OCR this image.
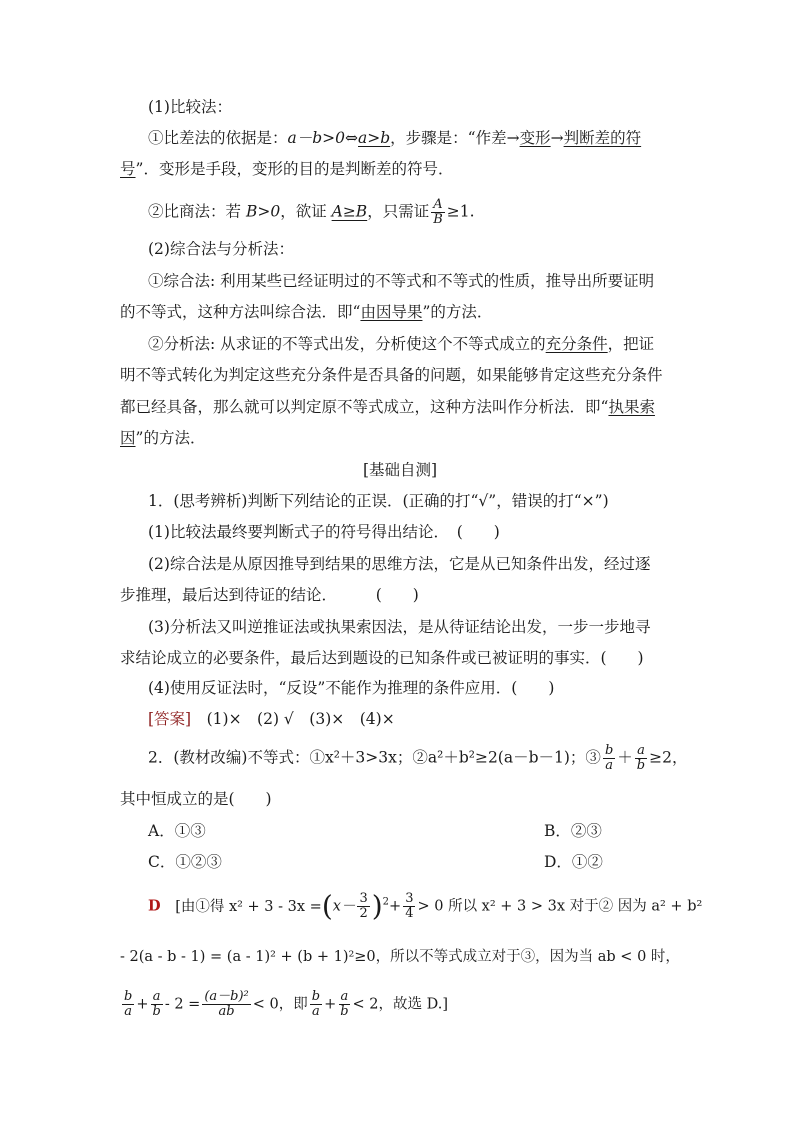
(1)比较法：
①比差法的依据是：a－b>0⇔a>b，步骤是：“作差→变形→判断差的符
号”．变形是手段，变形的目的是判断差的符号．
②比商法：若 B>0，欲证 A≥B，只需证 $\frac{A}{B} \ge 1$.
(2)综合法与分析法：
①综合法: 利用某些已经证明过的不等式和不等式的性质，推导出所要证明
的不等式，这种方法叫综合法．即“由因导果”的方法．
②分析法: 从求证的不等式出发，分析使这个不等式成立的充分条件，把证
明不等式转化为判定这些充分条件是否具备的问题，如果能够肯定这些充分条件
都已经具备，那么就可以判定原不等式成立，这种方法叫作分析法．即“执果索
因”的方法．
[基础自测]
1．(思考辨析)判断下列结论的正误．(正确的打“√”，错误的打“×”)
(1)比较法最终要判断式子的符号得出结论．　(　　)
(2)综合法是从原因推导到结果的思维方法，它是从已知条件出发，经过逐
步推理，最后达到待证的结论．　　　(　　)
(3)分析法又叫逆推证法或执果索因法，是从待证结论出发，一步一步地寻
求结论成立的必要条件，最后达到题设的已知条件或已被证明的事实．(　　)
(4)使用反证法时，“反设”不能作为推理的条件应用．(　　)
[答案]　(1)×　(2) √　(3)×　(4)×
2．(教材改编)不等式：①x²＋3>3x；②a²＋b²≥2(a－b－1)；③ $\frac{b}{a} + \frac{a}{b} \ge 2$，
其中恒成立的是(　　)
A．①③	B．②③
C．①②③	D．①②
D [由①得 $x^2 + 3 - 3x =(x- \frac{3}{2} )^2+ \frac{3}{4} > 0$ 所以 x² + 3 > 3x 对于② 因为 a² + b²
- 2(a - b - 1) = (a - 1)² + (b + 1)²≥0，所以不等式成立对于③，因为当 ab < 0 时，
$\frac{b}{a} + \frac{a}{b} - 2 = \frac{\text{(a－b)²}}{ab} < 0$，即 $\frac{b}{a} + \frac{a}{b} < 2$，故选 D.]
